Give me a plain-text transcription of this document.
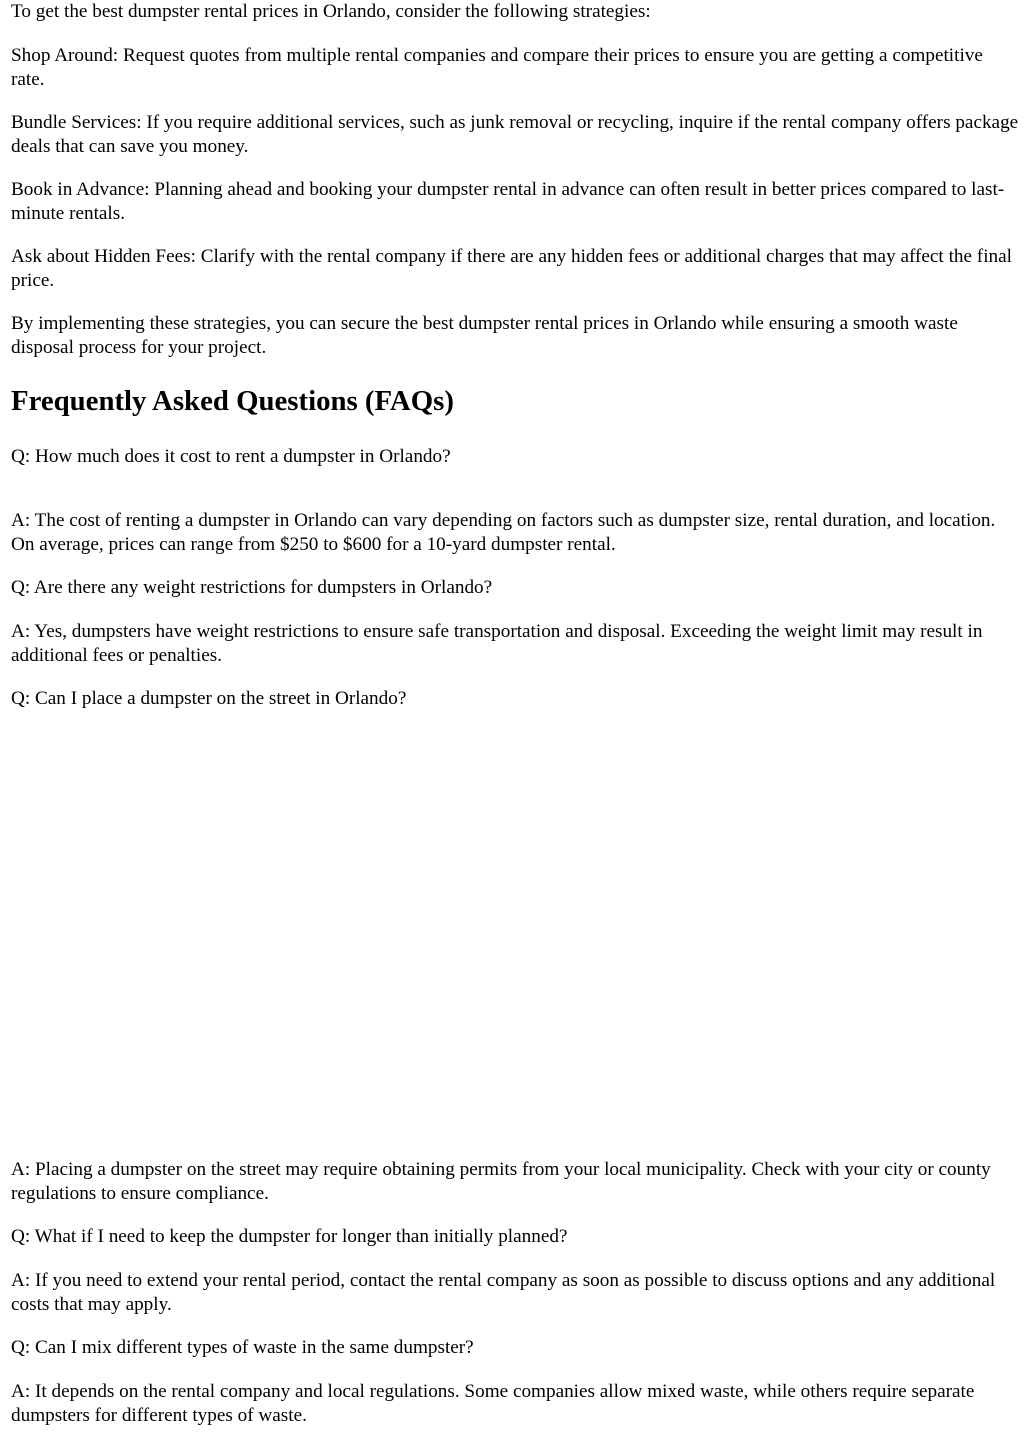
To get the best dumpster rental prices in Orlando, consider the following strategies:

Shop Around: Request quotes from multiple rental companies and compare their prices to ensure you are getting a competitive rate.

Bundle Services: If you require additional services, such as junk removal or recycling, inquire if the rental company offers package deals that can save you money.

Book in Advance: Planning ahead and booking your dumpster rental in advance can often result in better prices compared to last-minute rentals.

Ask about Hidden Fees: Clarify with the rental company if there are any hidden fees or additional charges that may affect the final price.

By implementing these strategies, you can secure the best dumpster rental prices in Orlando while ensuring a smooth waste disposal process for your project.

Frequently Asked Questions (FAQs)

Q: How much does it cost to rent a dumpster in Orlando?

A: The cost of renting a dumpster in Orlando can vary depending on factors such as dumpster size, rental duration, and location. On average, prices can range from $250 to $600 for a 10-yard dumpster rental.

Q: Are there any weight restrictions for dumpsters in Orlando?

A: Yes, dumpsters have weight restrictions to ensure safe transportation and disposal. Exceeding the weight limit may result in additional fees or penalties.

Q: Can I place a dumpster on the street in Orlando?

A: Placing a dumpster on the street may require obtaining permits from your local municipality. Check with your city or county regulations to ensure compliance.

Q: What if I need to keep the dumpster for longer than initially planned?

A: If you need to extend your rental period, contact the rental company as soon as possible to discuss options and any additional costs that may apply.

Q: Can I mix different types of waste in the same dumpster?

A: It depends on the rental company and local regulations. Some companies allow mixed waste, while others require separate dumpsters for different types of waste.
